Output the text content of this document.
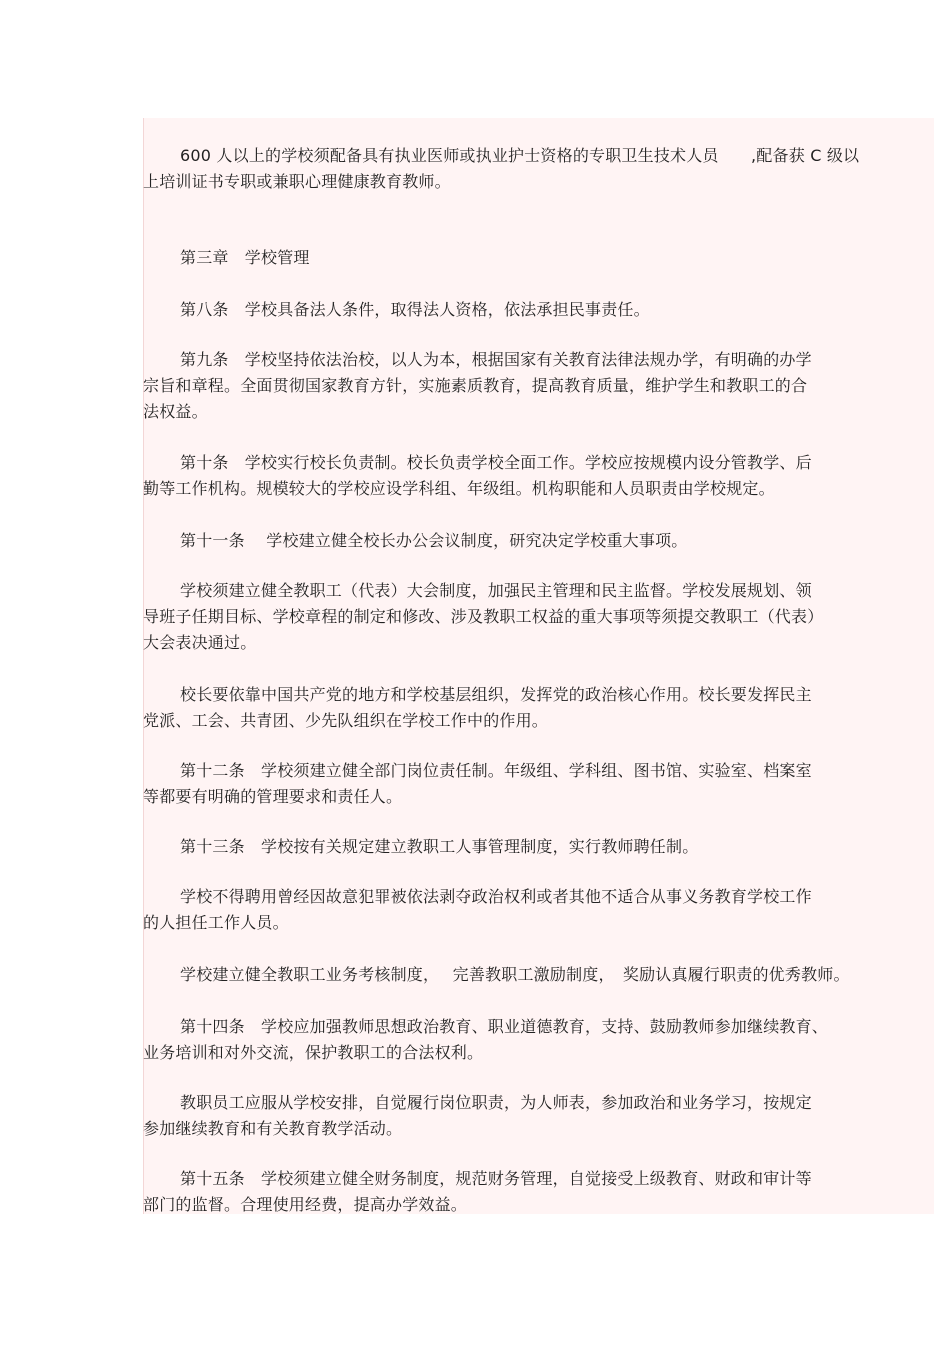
600 人以上的学校须配备具有执业医师或执业护士资格的专职卫生技术人员　　,配备获 C 级以
上培训证书专职或兼职心理健康教育教师。
第三章　学校管理
第八条　学校具备法人条件，取得法人资格，依法承担民事责任。
第九条　学校坚持依法治校，以人为本，根据国家有关教育法律法规办学，有明确的办学
宗旨和章程。全面贯彻国家教育方针，实施素质教育，提高教育质量，维护学生和教职工的合
法权益。
第十条　学校实行校长负责制。校长负责学校全面工作。学校应按规模内设分管教学、后
勤等工作机构。规模较大的学校应设学科组、年级组。机构职能和人员职责由学校规定。
第十一条　 学校建立健全校长办公会议制度，研究决定学校重大事项。
学校须建立健全教职工（代表）大会制度，加强民主管理和民主监督。学校发展规划、领
导班子任期目标、学校章程的制定和修改、涉及教职工权益的重大事项等须提交教职工（代表）
大会表决通过。
校长要依靠中国共产党的地方和学校基层组织，发挥党的政治核心作用。校长要发挥民主
党派、工会、共青团、少先队组织在学校工作中的作用。
第十二条　学校须建立健全部门岗位责任制。年级组、学科组、图书馆、实验室、档案室
等都要有明确的管理要求和责任人。
第十三条　学校按有关规定建立教职工人事管理制度，实行教师聘任制。
学校不得聘用曾经因故意犯罪被依法剥夺政治权利或者其他不适合从事义务教育学校工作
的人担任工作人员。
学校建立健全教职工业务考核制度，　 完善教职工激励制度，　奖励认真履行职责的优秀教师。
第十四条　学校应加强教师思想政治教育、职业道德教育，支持、鼓励教师参加继续教育、
业务培训和对外交流，保护教职工的合法权利。
教职员工应服从学校安排，自觉履行岗位职责，为人师表，参加政治和业务学习，按规定
参加继续教育和有关教育教学活动。
第十五条　学校须建立健全财务制度，规范财务管理，自觉接受上级教育、财政和审计等
部门的监督。合理使用经费，提高办学效益。
